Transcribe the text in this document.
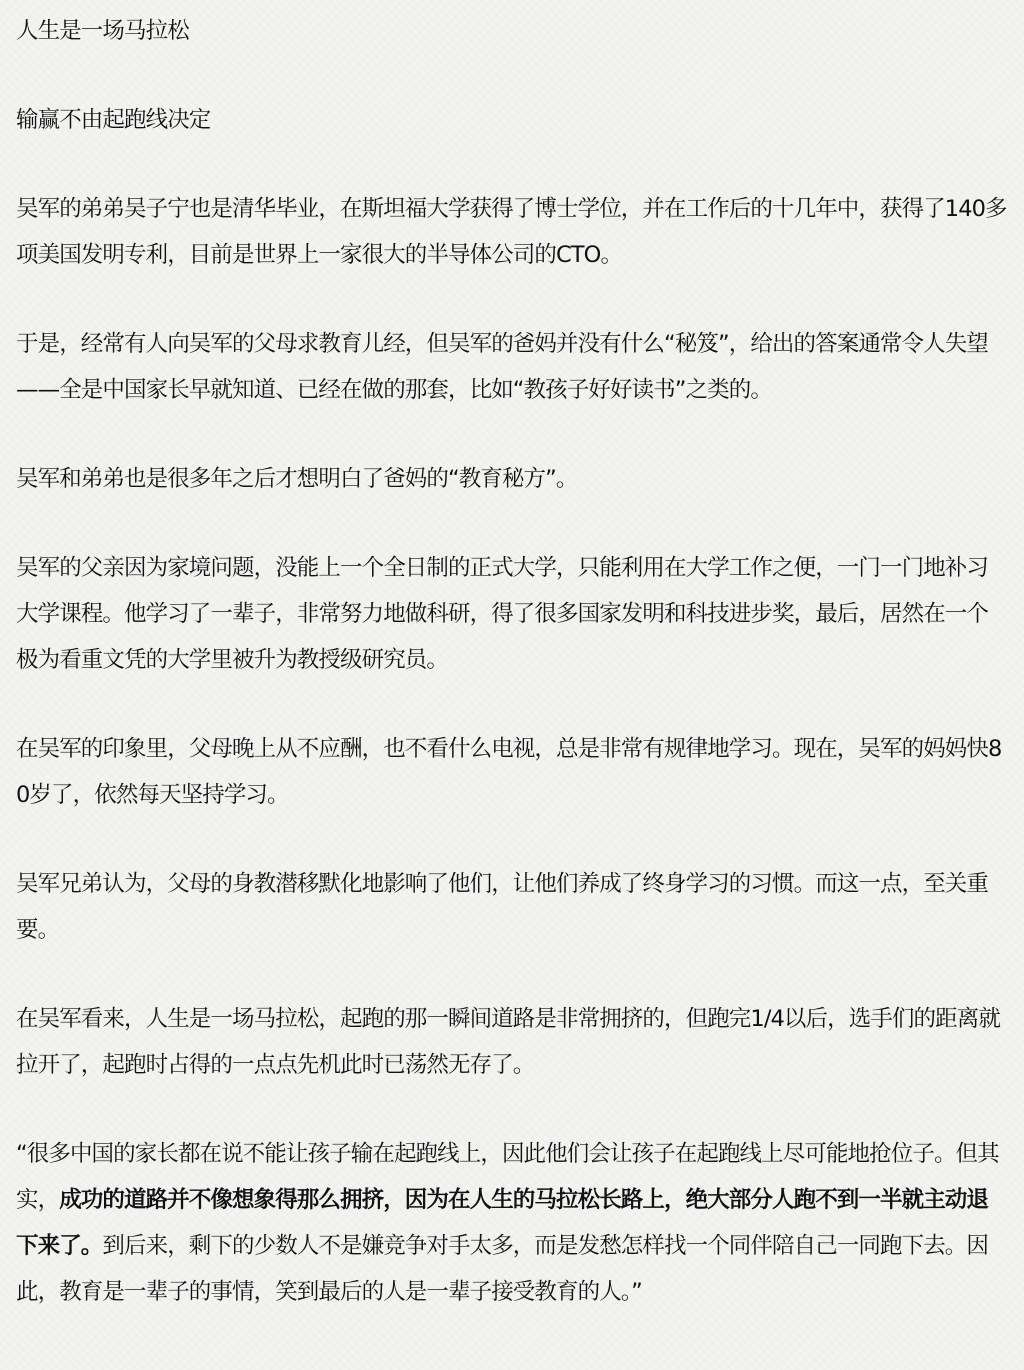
人生是一场马拉松

输赢不由起跑线决定

吴军的弟弟吴子宁也是清华毕业，在斯坦福大学获得了博士学位，并在工作后的十几年中，获得了140多项美国发明专利，目前是世界上一家很大的半导体公司的CTO。

于是，经常有人向吴军的父母求教育儿经，但吴军的爸妈并没有什么“秘笈”，给出的答案通常令人失望——全是中国家长早就知道、已经在做的那套，比如“教孩子好好读书”之类的。

吴军和弟弟也是很多年之后才想明白了爸妈的“教育秘方”。

吴军的父亲因为家境问题，没能上一个全日制的正式大学，只能利用在大学工作之便，一门一门地补习大学课程。他学习了一辈子，非常努力地做科研，得了很多国家发明和科技进步奖，最后，居然在一个极为看重文凭的大学里被升为教授级研究员。

在吴军的印象里，父母晚上从不应酬，也不看什么电视，总是非常有规律地学习。现在，吴军的妈妈快80岁了，依然每天坚持学习。

吴军兄弟认为，父母的身教潜移默化地影响了他们，让他们养成了终身学习的习惯。而这一点，至关重要。

在吴军看来，人生是一场马拉松，起跑的那一瞬间道路是非常拥挤的，但跑完1/4以后，选手们的距离就拉开了，起跑时占得的一点点先机此时已荡然无存了。

“很多中国的家长都在说不能让孩子输在起跑线上，因此他们会让孩子在起跑线上尽可能地抢位子。但其实，成功的道路并不像想象得那么拥挤，因为在人生的马拉松长路上，绝大部分人跑不到一半就主动退下来了。到后来，剩下的少数人不是嫌竞争对手太多，而是发愁怎样找一个同伴陪自己一同跑下去。因此，教育是一辈子的事情，笑到最后的人是一辈子接受教育的人。”
